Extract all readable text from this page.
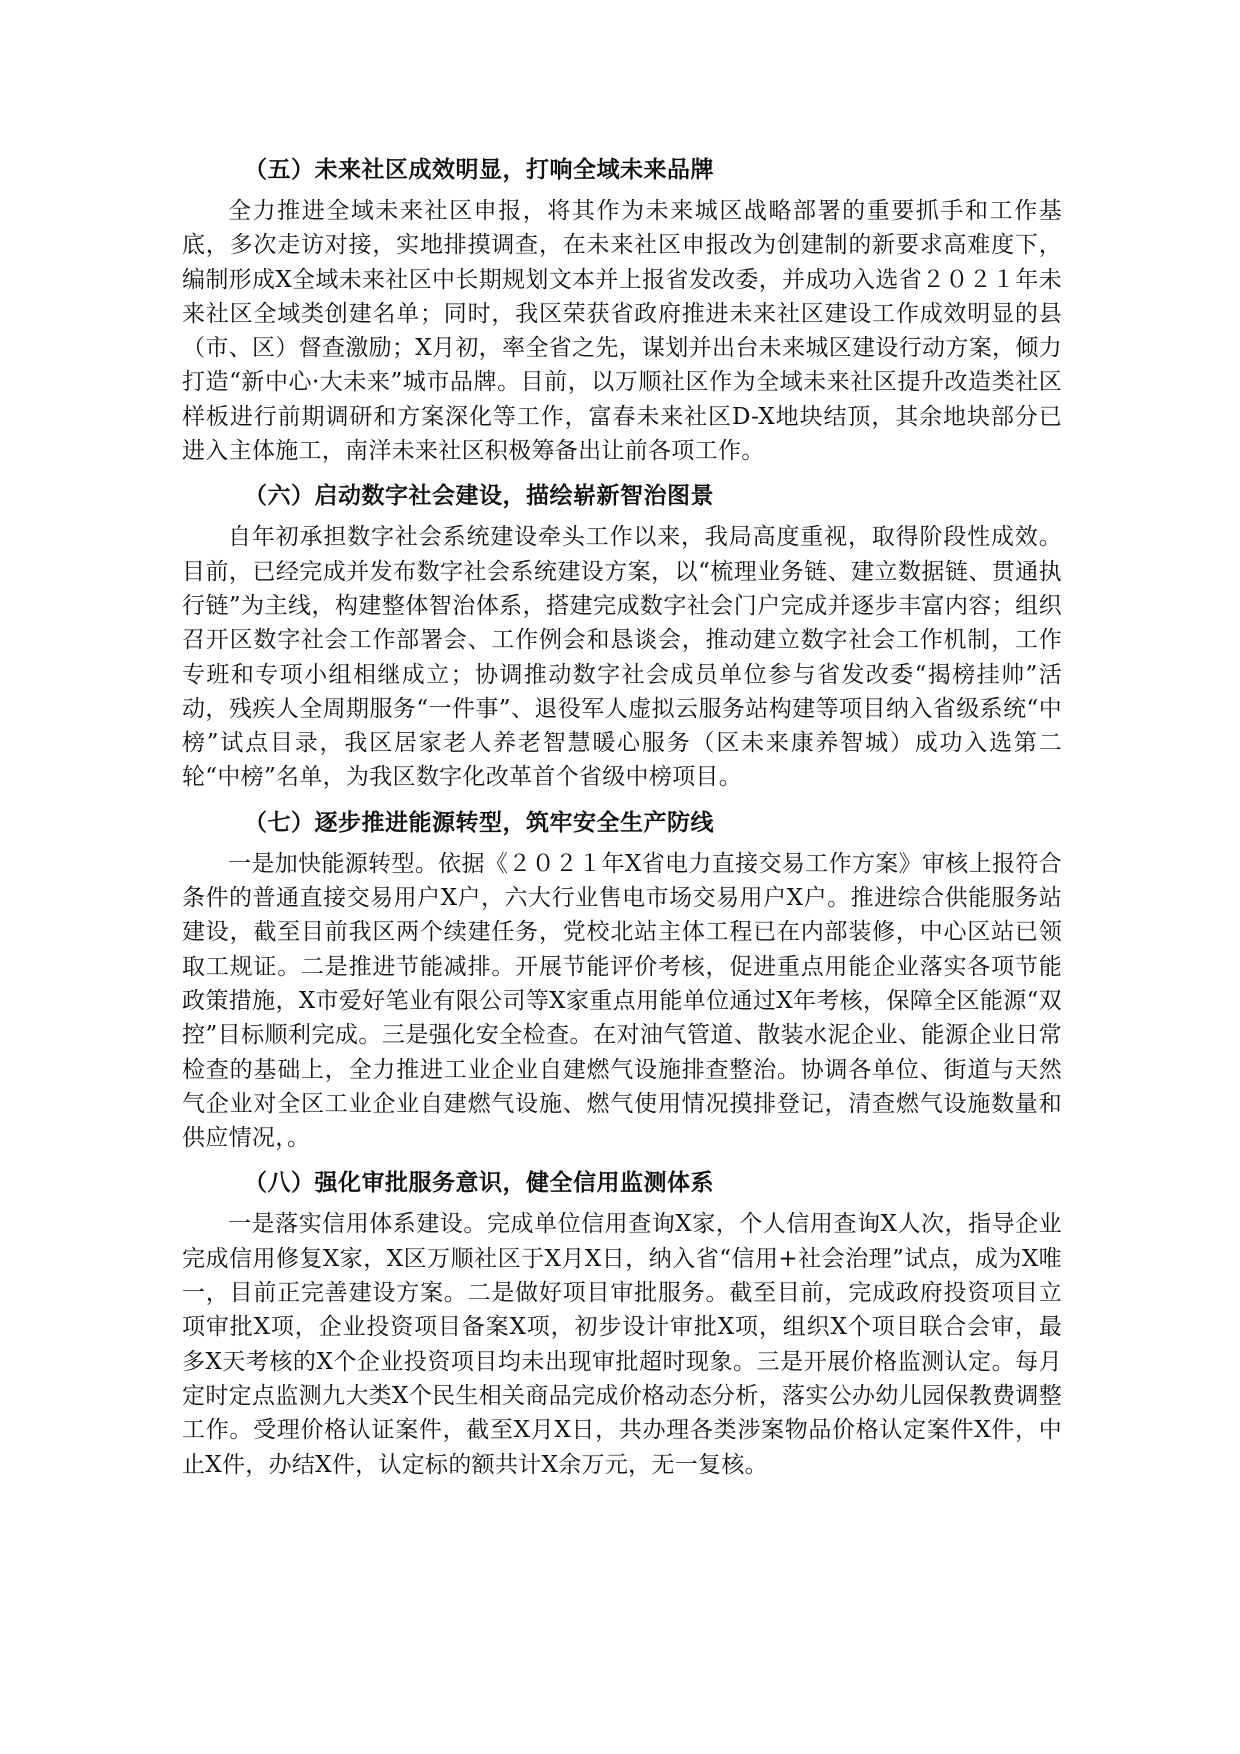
（五）未来社区成效明显，打响全域未来品牌

全力推进全域未来社区申报，将其作为未来城区战略部署的重要抓手和工作基底，多次走访对接，实地排摸调查，在未来社区申报改为创建制的新要求高难度下，编制形成X全域未来社区中长期规划文本并上报省发改委，并成功入选省２０２１年未来社区全域类创建名单；同时，我区荣获省政府推进未来社区建设工作成效明显的县（市、区）督查激励；X月初，率全省之先，谋划并出台未来城区建设行动方案，倾力打造“新中心·大未来”城市品牌。目前，以万顺社区作为全域未来社区提升改造类社区样板进行前期调研和方案深化等工作，富春未来社区D-X地块结顶，其余地块部分已进入主体施工，南洋未来社区积极筹备出让前各项工作。

（六）启动数字社会建设，描绘崭新智治图景

自年初承担数字社会系统建设牵头工作以来，我局高度重视，取得阶段性成效。目前，已经完成并发布数字社会系统建设方案，以“梳理业务链、建立数据链、贯通执行链”为主线，构建整体智治体系，搭建完成数字社会门户完成并逐步丰富内容；组织召开区数字社会工作部署会、工作例会和恳谈会，推动建立数字社会工作机制，工作专班和专项小组相继成立；协调推动数字社会成员单位参与省发改委“揭榜挂帅”活动，残疾人全周期服务“一件事”、退役军人虚拟云服务站构建等项目纳入省级系统“中榜”试点目录，我区居家老人养老智慧暖心服务（区未来康养智城）成功入选第二轮“中榜”名单，为我区数字化改革首个省级中榜项目。

（七）逐步推进能源转型，筑牢安全生产防线

一是加快能源转型。依据《２０２１年X省电力直接交易工作方案》审核上报符合条件的普通直接交易用户X户，六大行业售电市场交易用户X户。推进综合供能服务站建设，截至目前我区两个续建任务，党校北站主体工程已在内部装修，中心区站已领取工规证。二是推进节能减排。开展节能评价考核，促进重点用能企业落实各项节能政策措施，X市爱好笔业有限公司等X家重点用能单位通过X年考核，保障全区能源“双控”目标顺利完成。三是强化安全检查。在对油气管道、散装水泥企业、能源企业日常检查的基础上，全力推进工业企业自建燃气设施排查整治。协调各单位、街道与天然气企业对全区工业企业自建燃气设施、燃气使用情况摸排登记，清查燃气设施数量和供应情况，。

（八）强化审批服务意识，健全信用监测体系

一是落实信用体系建设。完成单位信用查询X家，个人信用查询X人次，指导企业完成信用修复X家，X区万顺社区于X月X日，纳入省“信用+社会治理”试点，成为X唯一，目前正完善建设方案。二是做好项目审批服务。截至目前，完成政府投资项目立项审批X项，企业投资项目备案X项，初步设计审批X项，组织X个项目联合会审，最多X天考核的X个企业投资项目均未出现审批超时现象。三是开展价格监测认定。每月定时定点监测九大类X个民生相关商品完成价格动态分析，落实公办幼儿园保教费调整工作。受理价格认证案件，截至X月X日，共办理各类涉案物品价格认定案件X件，中止X件，办结X件，认定标的额共计X余万元，无一复核。
